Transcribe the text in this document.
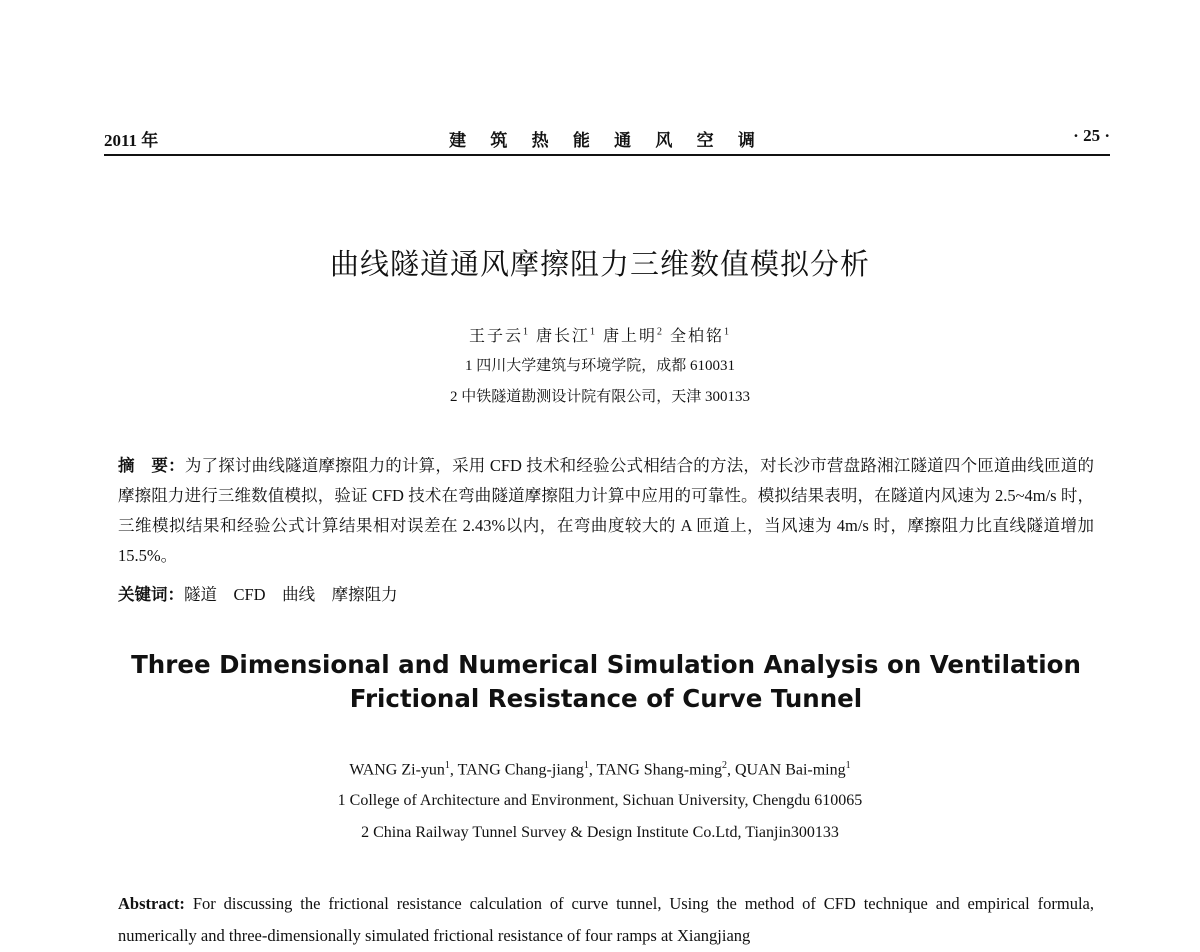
2011 年	建 筑 热 能 通 风 空 调	· 25 ·
曲线隧道通风摩擦阻力三维数值模拟分析
王子云$^1$ 唐长江$^1$ 唐上明$^2$ 全柏铭$^1$
1 四川大学建筑与环境学院，成都 610031
2 中铁隧道勘测设计院有限公司，天津 300133
摘　要：为了探讨曲线隧道摩擦阻力的计算，采用 CFD 技术和经验公式相结合的方法，对长沙市营盘路湘江隧道四个匝道曲线匝道的摩擦阻力进行三维数值模拟，验证 CFD 技术在弯曲隧道摩擦阻力计算中应用的可靠性。模拟结果表明，在隧道内风速为 2.5~4m/s 时，三维模拟结果和经验公式计算结果相对误差在 2.43%以内，在弯曲度较大的 A 匝道上，当风速为 4m/s 时，摩擦阻力比直线隧道增加 15.5%。
关键词：隧道　CFD　曲线　摩擦阻力
Three Dimensional and Numerical Simulation Analysis on Ventilation Frictional Resistance of Curve Tunnel
WANG Zi-yun$^1$, TANG Chang-jiang$^1$, TANG Shang-ming$^2$, QUAN Bai-ming$^1$
1 College of Architecture and Environment, Sichuan University, Chengdu 610065
2 China Railway Tunnel Survey & Design Institute Co.Ltd, Tianjin300133
Abstract: For discussing the frictional resistance calculation of curve tunnel, Using the method of CFD technique and empirical formula, numerically and three-dimensionally simulated frictional resistance of four ramps at Xiangjiang
